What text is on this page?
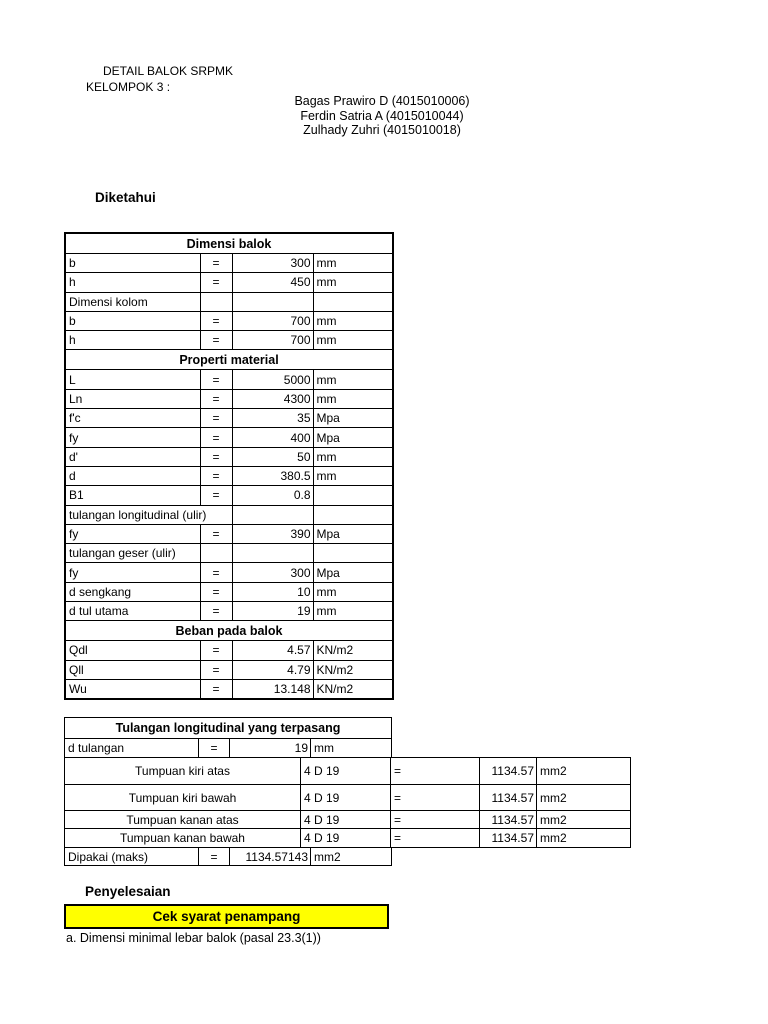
DETAIL BALOK SRPMK
KELOMPOK 3 :
Bagas Prawiro D (4015010006)
Ferdin Satria A (4015010044)
Zulhady Zuhri (4015010018)
Diketahui
Dimensi balok			
b	=	300	mm
h	=	450	mm
Dimensi kolom			
b	=	700	mm
h	=	700	mm
Properti material			
L	=	5000	mm
Ln	=	4300	mm
f'c	=	35	Mpa
fy	=	400	Mpa
d'	=	50	mm
d	=	380.5	mm
B1	=	0.8	
tulangan longitudinal (ulir)			
fy	=	390	Mpa
tulangan geser (ulir)			
fy	=	300	Mpa
d sengkang	=	10	mm
d tul utama	=	19	mm
Beban pada balok			
Qdl	=	4.57	KN/m2
Qll	=	4.79	KN/m2
Wu	=	13.148	KN/m2
Tulangan longitudinal yang terpasang
d tulangan	=	19 mm
Tumpuan kiri atas	4 D 19	=	1134.57 mm2
Tumpuan kiri bawah	4 D 19	=	1134.57 mm2
Tumpuan kanan atas	4 D 19	=	1134.57 mm2
Tumpuan kanan bawah	4 D 19	=	1134.57 mm2
Dipakai (maks)	=	1134.57143 mm2
Penyelesaian
Cek syarat penampang
a. Dimensi minimal lebar balok (pasal 23.3(1))
